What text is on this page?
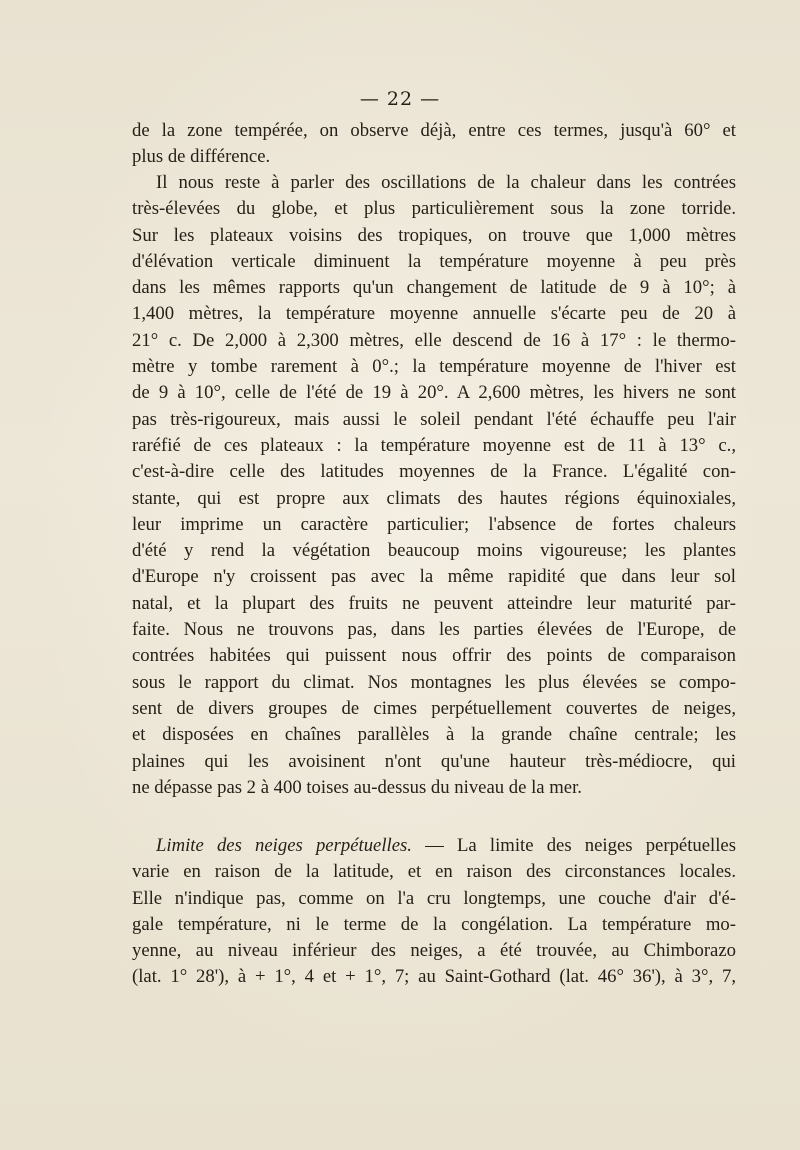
— 22 —
de la zone tempérée, on observe déjà, entre ces termes, jusqu'à 60° et
plus de différence.
Il nous reste à parler des oscillations de la chaleur dans les contrées
très-élevées du globe, et plus particulièrement sous la zone torride.
Sur les plateaux voisins des tropiques, on trouve que 1,000 mètres
d'élévation verticale diminuent la température moyenne à peu près
dans les mêmes rapports qu'un changement de latitude de 9 à 10°; à
1,400 mètres, la température moyenne annuelle s'écarte peu de 20 à
21° c. De 2,000 à 2,300 mètres, elle descend de 16 à 17° : le thermo-
mètre y tombe rarement à 0°.; la température moyenne de l'hiver est
de 9 à 10°, celle de l'été de 19 à 20°. A 2,600 mètres, les hivers ne sont
pas très-rigoureux, mais aussi le soleil pendant l'été échauffe peu l'air
raréfié de ces plateaux : la température moyenne est de 11 à 13° c.,
c'est-à-dire celle des latitudes moyennes de la France. L'égalité con-
stante, qui est propre aux climats des hautes régions équinoxiales,
leur imprime un caractère particulier; l'absence de fortes chaleurs
d'été y rend la végétation beaucoup moins vigoureuse; les plantes
d'Europe n'y croissent pas avec la même rapidité que dans leur sol
natal, et la plupart des fruits ne peuvent atteindre leur maturité par-
faite. Nous ne trouvons pas, dans les parties élevées de l'Europe, de
contrées habitées qui puissent nous offrir des points de comparaison
sous le rapport du climat. Nos montagnes les plus élevées se compo-
sent de divers groupes de cimes perpétuellement couvertes de neiges,
et disposées en chaînes parallèles à la grande chaîne centrale; les
plaines qui les avoisinent n'ont qu'une hauteur très-médiocre, qui
ne dépasse pas 2 à 400 toises au-dessus du niveau de la mer.
Limite des neiges perpétuelles. — La limite des neiges perpétuelles
varie en raison de la latitude, et en raison des circonstances locales.
Elle n'indique pas, comme on l'a cru longtemps, une couche d'air d'é-
gale température, ni le terme de la congélation. La température mo-
yenne, au niveau inférieur des neiges, a été trouvée, au Chimborazo
(lat. 1° 28'), à + 1°, 4 et + 1°, 7; au Saint-Gothard (lat. 46° 36'), à 3°, 7,
